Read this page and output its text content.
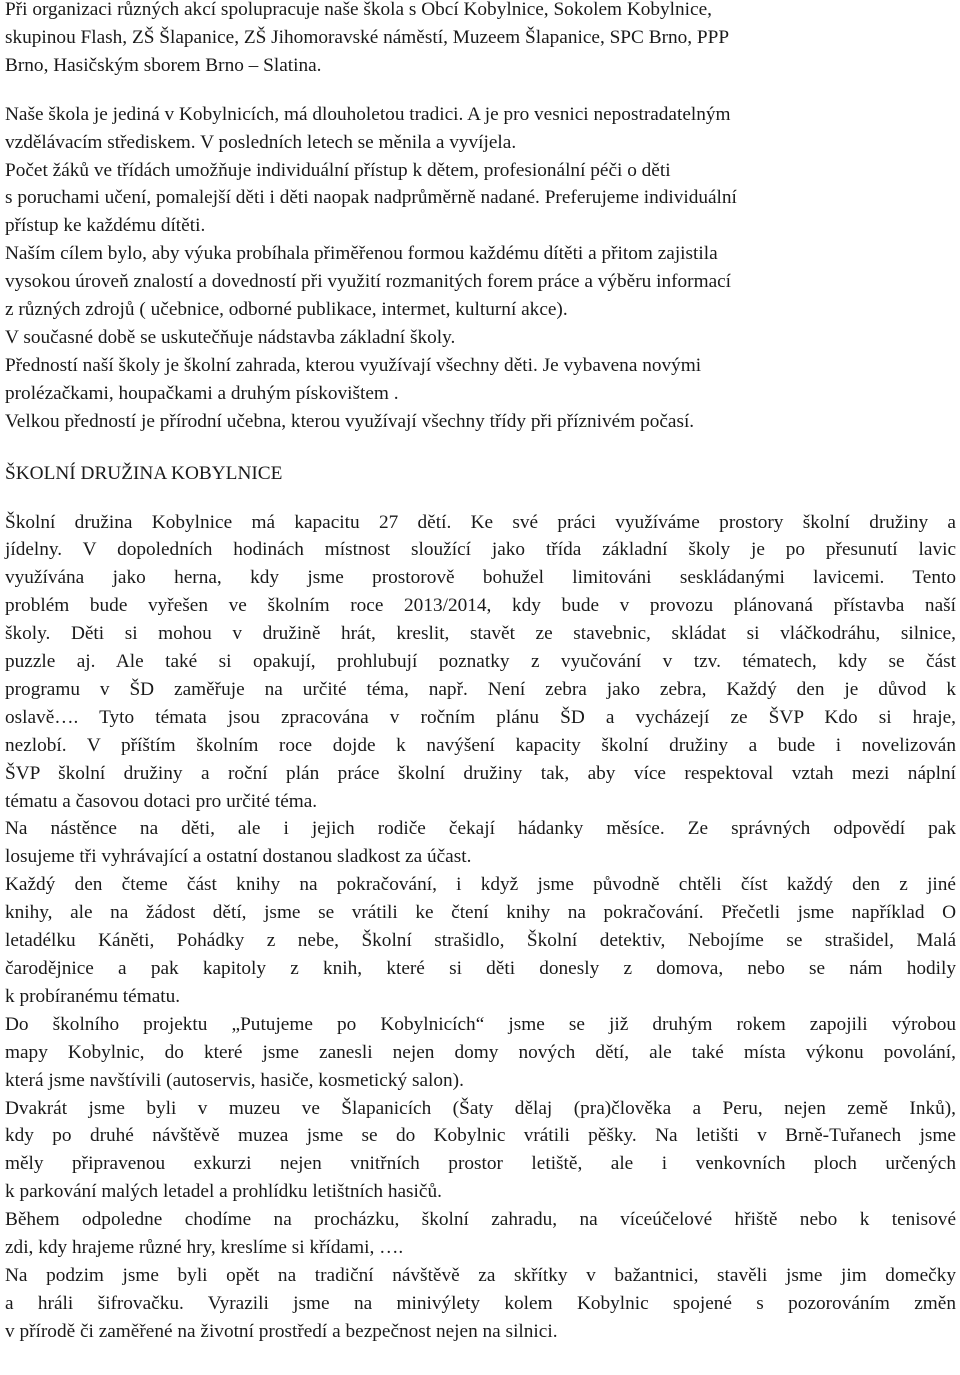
Při organizaci různých akcí spolupracuje naše škola s Obcí Kobylnice, Sokolem Kobylnice,

skupinou Flash, ZŠ Šlapanice, ZŠ Jihomoravské náměstí, Muzeem Šlapanice, SPC Brno, PPP

Brno, Hasičským sborem Brno – Slatina.

Naše škola je jediná v Kobylnicích, má dlouholetou tradici. A je pro vesnici nepostradatelným

vzdělávacím střediskem. V posledních letech se měnila a vyvíjela.

Počet žáků ve třídách umožňuje individuální přístup k dětem, profesionální péči o děti

s poruchami učení, pomalejší děti i děti naopak nadprůměrně nadané. Preferujeme individuální

přístup ke každému dítěti.

Naším cílem bylo, aby výuka probíhala přiměřenou formou každému dítěti a přitom zajistila

vysokou úroveň znalostí a dovedností při využití rozmanitých forem práce a výběru informací

z různých zdrojů ( učebnice, odborné publikace, intermet, kulturní akce).

V současné době se uskutečňuje nádstavba základní školy.

Předností naší školy je školní zahrada, kterou využívají všechny děti. Je vybavena novými

prolézačkami, houpačkami a druhým pískovištem .

Velkou předností je přírodní učebna, kterou využívají všechny třídy při příznivém počasí.

ŠKOLNÍ DRUŽINA KOBYLNICE

Školní družina Kobylnice má kapacitu 27 dětí. Ke své práci využíváme prostory školní družiny a

jídelny. V dopoledních hodinách místnost sloužící jako třída základní školy je po přesunutí lavic

využívána jako herna, kdy jsme prostorově bohužel limitováni seskládanými lavicemi. Tento

problém bude vyřešen ve školním roce 2013/2014, kdy bude v provozu plánovaná přístavba naší

školy. Děti si mohou v družině hrát, kreslit, stavět ze stavebnic, skládat si vláčkodráhu, silnice,

puzzle aj. Ale také si opakují, prohlubují poznatky z vyučování v tzv. tématech, kdy se část

programu v ŠD zaměřuje na určité téma, např. Není zebra jako zebra, Každý den je důvod k

oslavě…. Tyto témata jsou zpracována v ročním plánu ŠD a vycházejí ze ŠVP Kdo si hraje,

nezlobí. V příštím školním roce dojde k navýšení kapacity školní družiny a bude i novelizován

ŠVP školní družiny a roční plán práce školní družiny tak, aby více respektoval vztah mezi náplní

tématu a časovou dotaci pro určité téma.

Na nástěnce na děti, ale i jejich rodiče čekají hádanky měsíce. Ze správných odpovědí pak

losujeme tři vyhrávající a ostatní dostanou sladkost za účast.

Každý den čteme část knihy na pokračování, i když jsme původně chtěli číst každý den z jiné

knihy, ale na žádost dětí, jsme se vrátili ke čtení knihy na pokračování. Přečetli jsme například O

letadélku Káněti, Pohádky z nebe, Školní strašidlo, Školní detektiv, Nebojíme se strašidel, Malá

čarodějnice a pak kapitoly z knih, které si děti donesly z domova, nebo se nám hodily

k probíranému tématu.

Do školního projektu „Putujeme po Kobylnicích“ jsme se již druhým rokem zapojili výrobou

mapy Kobylnic, do které jsme zanesli nejen domy nových dětí, ale také místa výkonu povolání,

která jsme navštívili (autoservis, hasiče, kosmetický salon).

Dvakrát jsme byli v muzeu ve Šlapanicích (Šaty dělaj (pra)člověka a Peru, nejen země Inků),

kdy po druhé návštěvě muzea jsme se do Kobylnic vrátili pěšky. Na letišti v Brně-Tuřanech jsme

měly připravenou exkurzi nejen vnitřních prostor letiště, ale i venkovních ploch určených

k parkování malých letadel a prohlídku letištních hasičů.

Během odpoledne chodíme na procházku, školní zahradu, na víceúčelové hřiště nebo k tenisové

zdi, kdy hrajeme různé hry, kreslíme si křídami, ….

Na podzim jsme byli opět na tradiční návštěvě za skřítky v bažantnici, stavěli jsme jim domečky

a hráli šifrovačku. Vyrazili jsme na minivýlety kolem Kobylnic spojené s pozorováním změn

v přírodě či zaměřené na životní prostředí a bezpečnost nejen na silnici.
